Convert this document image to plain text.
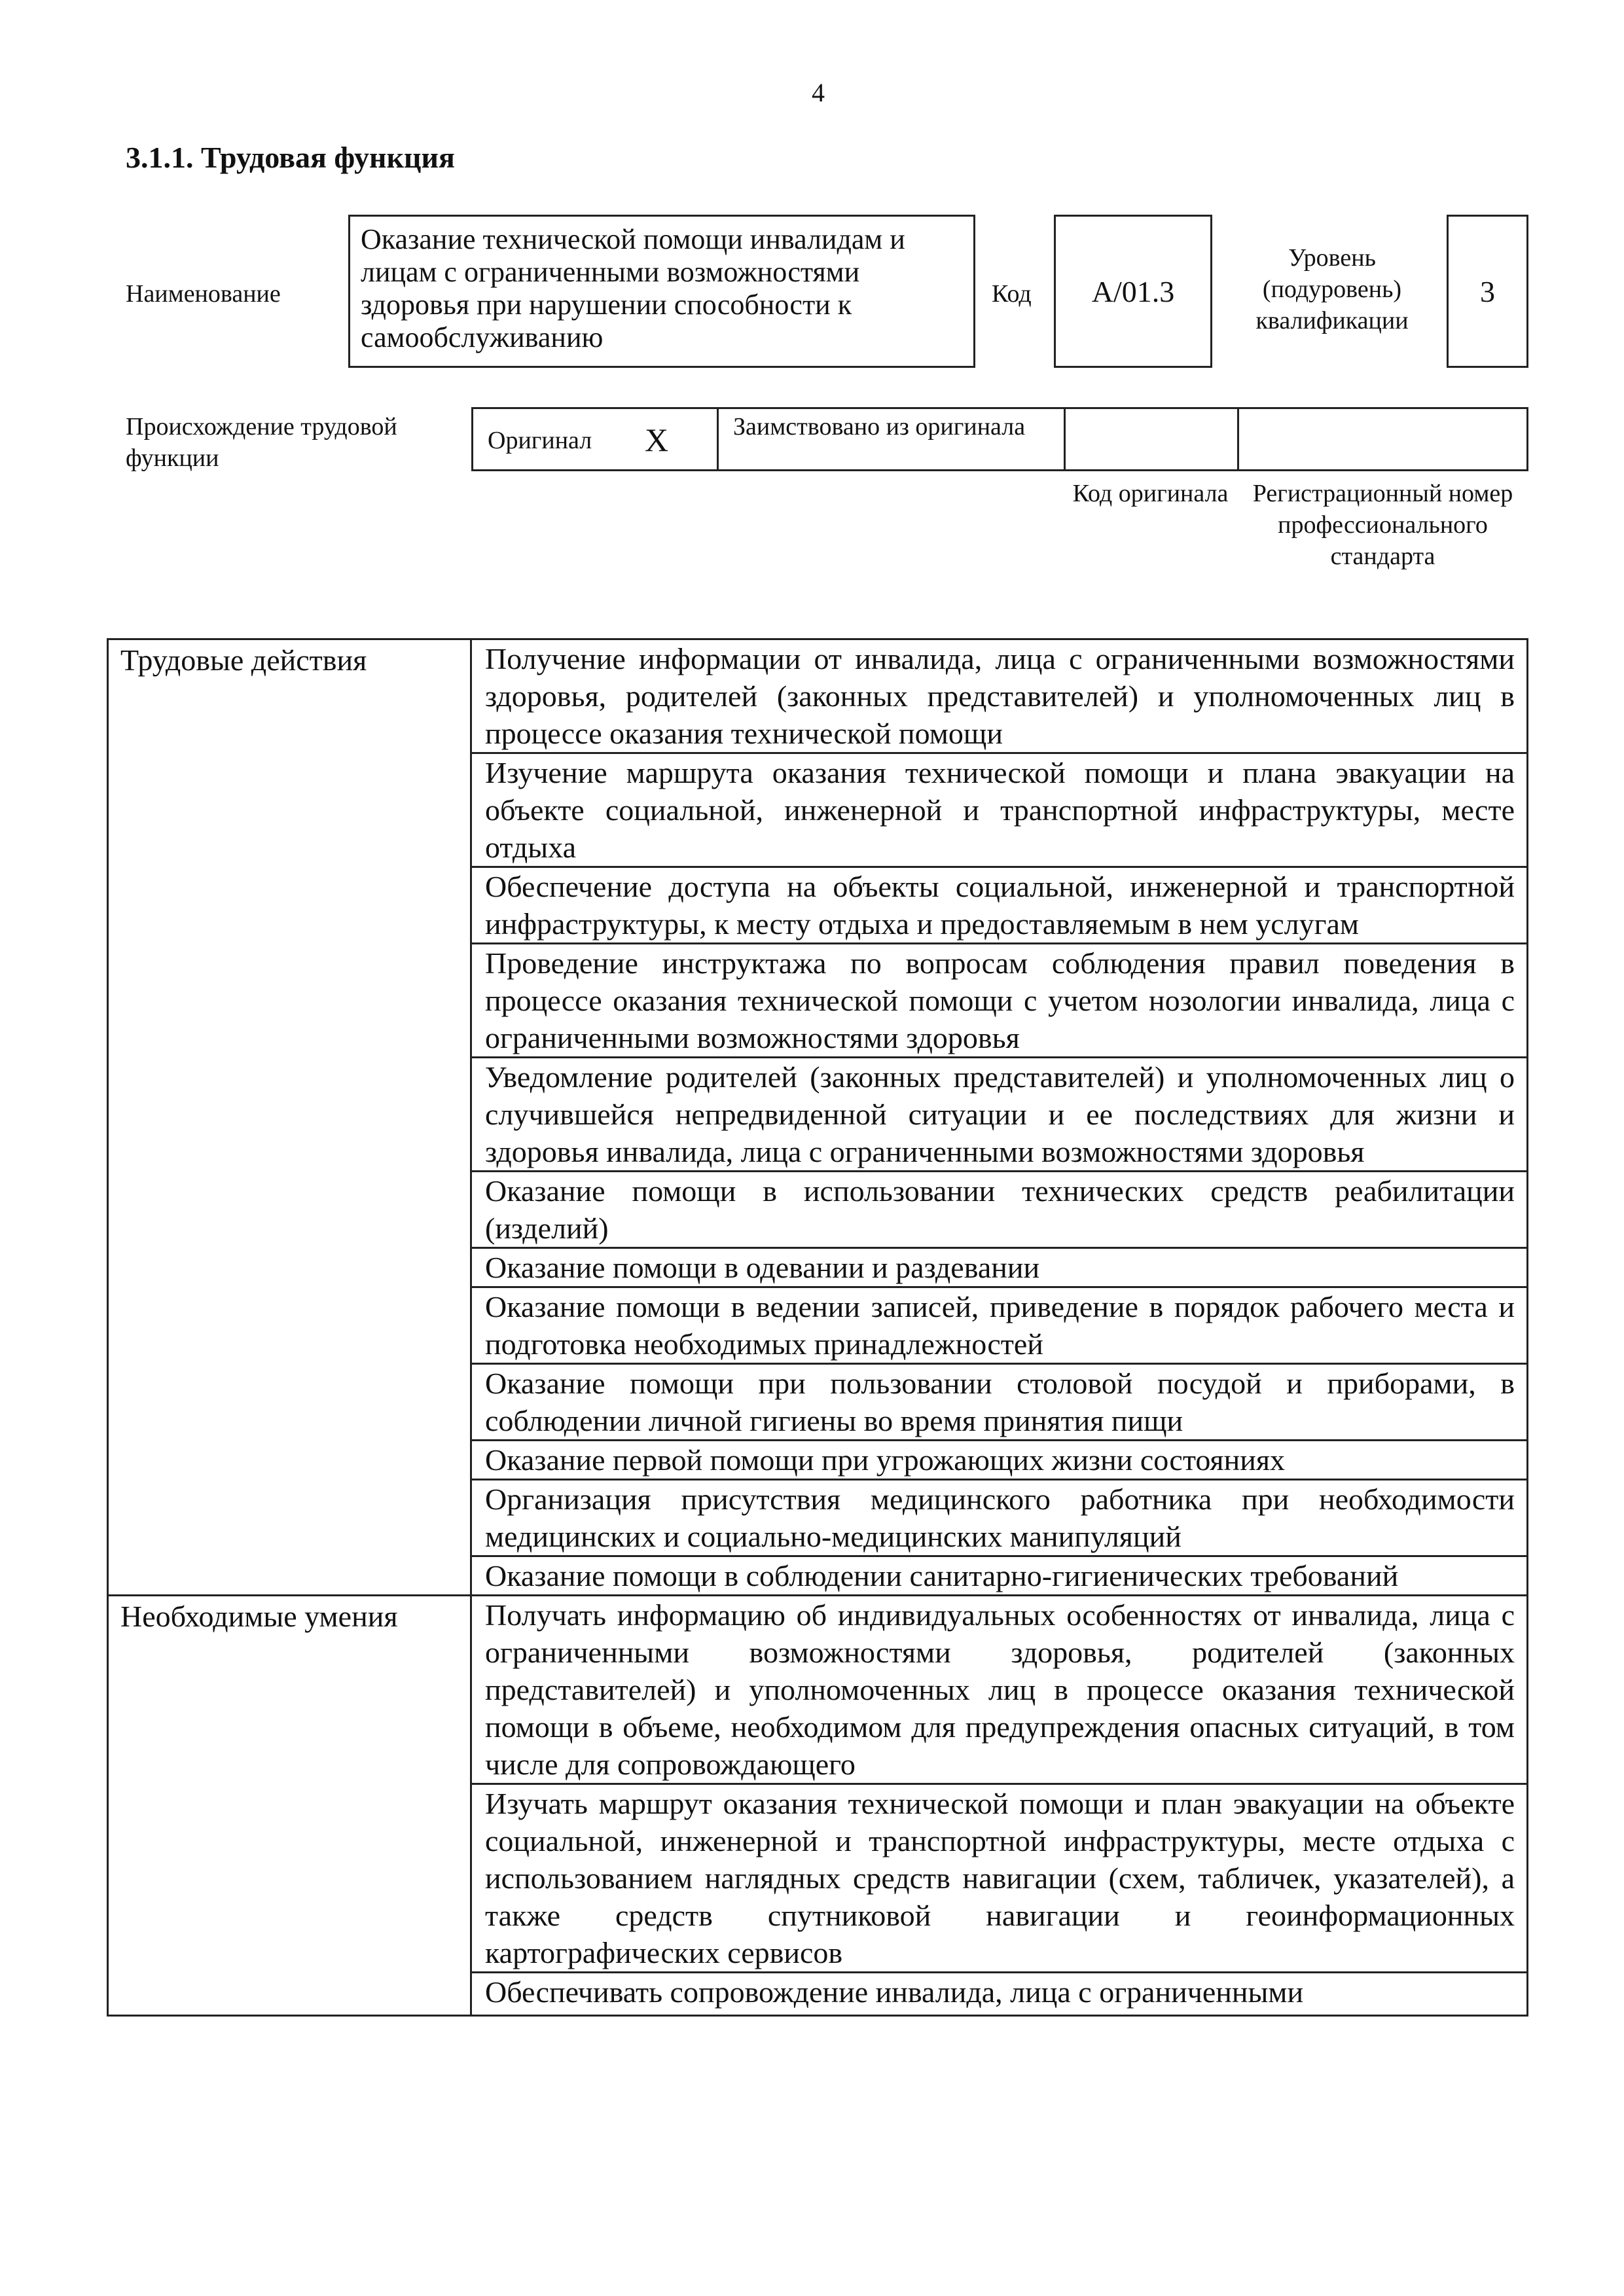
4
3.1.1. Трудовая функция
Наименование
Оказание технической помощи инвалидам и лицам с ограниченными возможностями здоровья при нарушении способности к самообслуживанию
Код	A/01.3
Уровень (подуровень) квалификации
3
Происхождение трудовой функции
Оригинал X	Заимствовано из оригинала
Код оригинала Регистрационный номер профессионального стандарта
Трудовые действия	Получение информации от инвалида, лица с ограниченными возможностями здоровья, родителей (законных представителей) и уполномоченных лиц в процессе оказания технической помощи
	Изучение маршрута оказания технической помощи и плана эвакуации на объекте социальной, инженерной и транспортной инфраструктуры, месте отдыха
	Обеспечение доступа на объекты социальной, инженерной и транспортной инфраструктуры, к месту отдыха и предоставляемым в нем услугам
	Проведение инструктажа по вопросам соблюдения правил поведения в процессе оказания технической помощи с учетом нозологии инвалида, лица с ограниченными возможностями здоровья
	Уведомление родителей (законных представителей) и уполномоченных лиц о случившейся непредвиденной ситуации и ее последствиях для жизни и здоровья инвалида, лица с ограниченными возможностями здоровья
	Оказание помощи в использовании технических средств реабилитации (изделий)
	Оказание помощи в одевании и раздевании
	Оказание помощи в ведении записей, приведение в порядок рабочего места и подготовка необходимых принадлежностей
	Оказание помощи при пользовании столовой посудой и приборами, в соблюдении личной гигиены во время принятия пищи
	Оказание первой помощи при угрожающих жизни состояниях
	Организация присутствия медицинского работника при необходимости медицинских и социально-медицинских манипуляций
	Оказание помощи в соблюдении санитарно-гигиенических требований
Необходимые умения	Получать информацию об индивидуальных особенностях от инвалида, лица с ограниченными возможностями здоровья, родителей (законных представителей) и уполномоченных лиц в процессе оказания технической помощи в объеме, необходимом для предупреждения опасных ситуаций, в том числе для сопровождающего
	Изучать маршрут оказания технической помощи и план эвакуации на объекте социальной, инженерной и транспортной инфраструктуры, месте отдыха с использованием наглядных средств навигации (схем, табличек, указателей), а также средств спутниковой навигации и геоинформационных картографических сервисов

	Обеспечивать сопровождение инвалида, лица с ограниченными
